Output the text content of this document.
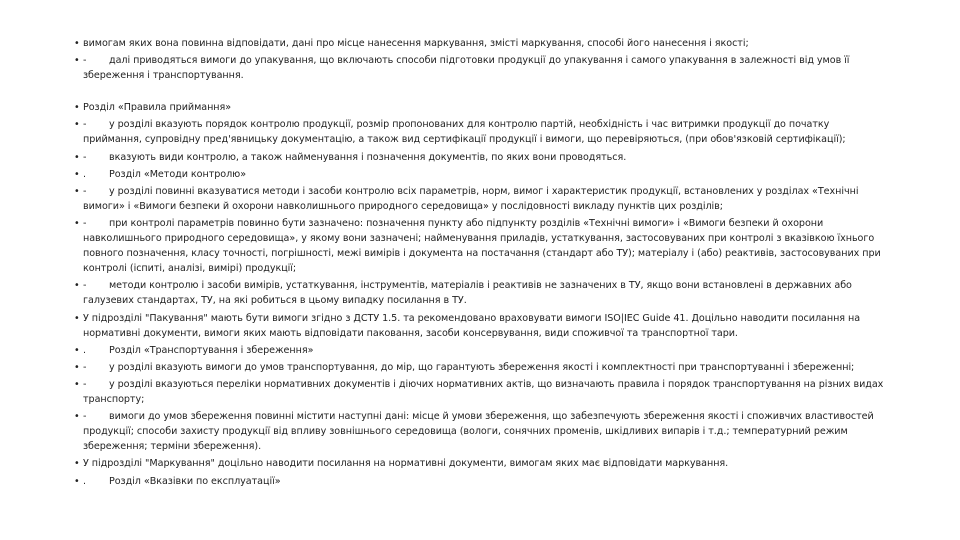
• вимогам яких вона повинна відповідати, дані про місце нанесення маркування, змісті маркування, способі його нанесення і якості;
• - далі приводяться вимоги до упакування, що включають способи підготовки продукції до упакування і самого упакування в залежності від умов її збереження і транспортування.
• Розділ «Правила приймання»
• - у розділі вказують порядок контролю продукції, розмір пропонованих для контролю партій, необхідність і час витримки продукції до початку приймання, супровідну пред'явницьку документацію, а також вид сертифікації продукції і вимоги, що перевіряються, (при обов'язковій сертифікації);
• - вказують види контролю, а також найменування і позначення документів, по яких вони проводяться.
• . Розділ «Методи контролю»
• - у розділі повинні вказуватися методи і засоби контролю всіх параметрів, норм, вимог і характеристик продукції, встановлених у розділах «Технічні вимоги» і «Вимоги безпеки й охорони навколишнього природного середовища» у послідовності викладу пунктів цих розділів;
• - при контролі параметрів повинно бути зазначено: позначення пункту або підпункту розділів «Технічні вимоги» і «Вимоги безпеки й охорони навколишнього природного середовища», у якому вони зазначені; найменування приладів, устаткування, застосовуваних при контролі з вказівкою їхнього повного позначення, класу точності, погрішності, межі вимірів і документа на постачання (стандарт або ТУ); матеріалу і (або) реактивів, застосовуваних при контролі (іспиті, аналізі, вимірі) продукції;
• - методи контролю і засоби вимірів, устаткування, інструментів, матеріалів і реактивів не зазначених в ТУ, якщо вони встановлені в державних або галузевих стандартах, ТУ, на які робиться в цьому випадку посилання в ТУ.
• У підрозділі "Пакування" мають бути вимоги згідно з ДСТУ 1.5. та рекомендовано враховувати вимоги ISO|IEC Guide 41. Доцільно наводити посилання на нормативні документи, вимоги яких мають відповідати паковання, засоби консервування, види споживчої та транспортної тари.
• . Розділ «Транспортування і збереження»
• - у розділі вказують вимоги до умов транспортування, до мір, що гарантують збереження якості і комплектності при транспортуванні і збереженні;
• - у розділі вказуються переліки нормативних документів і діючих нормативних актів, що визначають правила і порядок транспортування на різних видах транспорту;
• - вимоги до умов збереження повинні містити наступні дані: місце й умови збереження, що забезпечують збереження якості і споживчих властивостей продукції; способи захисту продукції від впливу зовнішнього середовища (вологи, сонячних променів, шкідливих випарів і т.д.; температурний режим збереження; терміни збереження).
• У підрозділі "Маркування" доцільно наводити посилання на нормативні документи, вимогам яких має відповідати маркування.
• . Розділ «Вказівки по експлуатації»
